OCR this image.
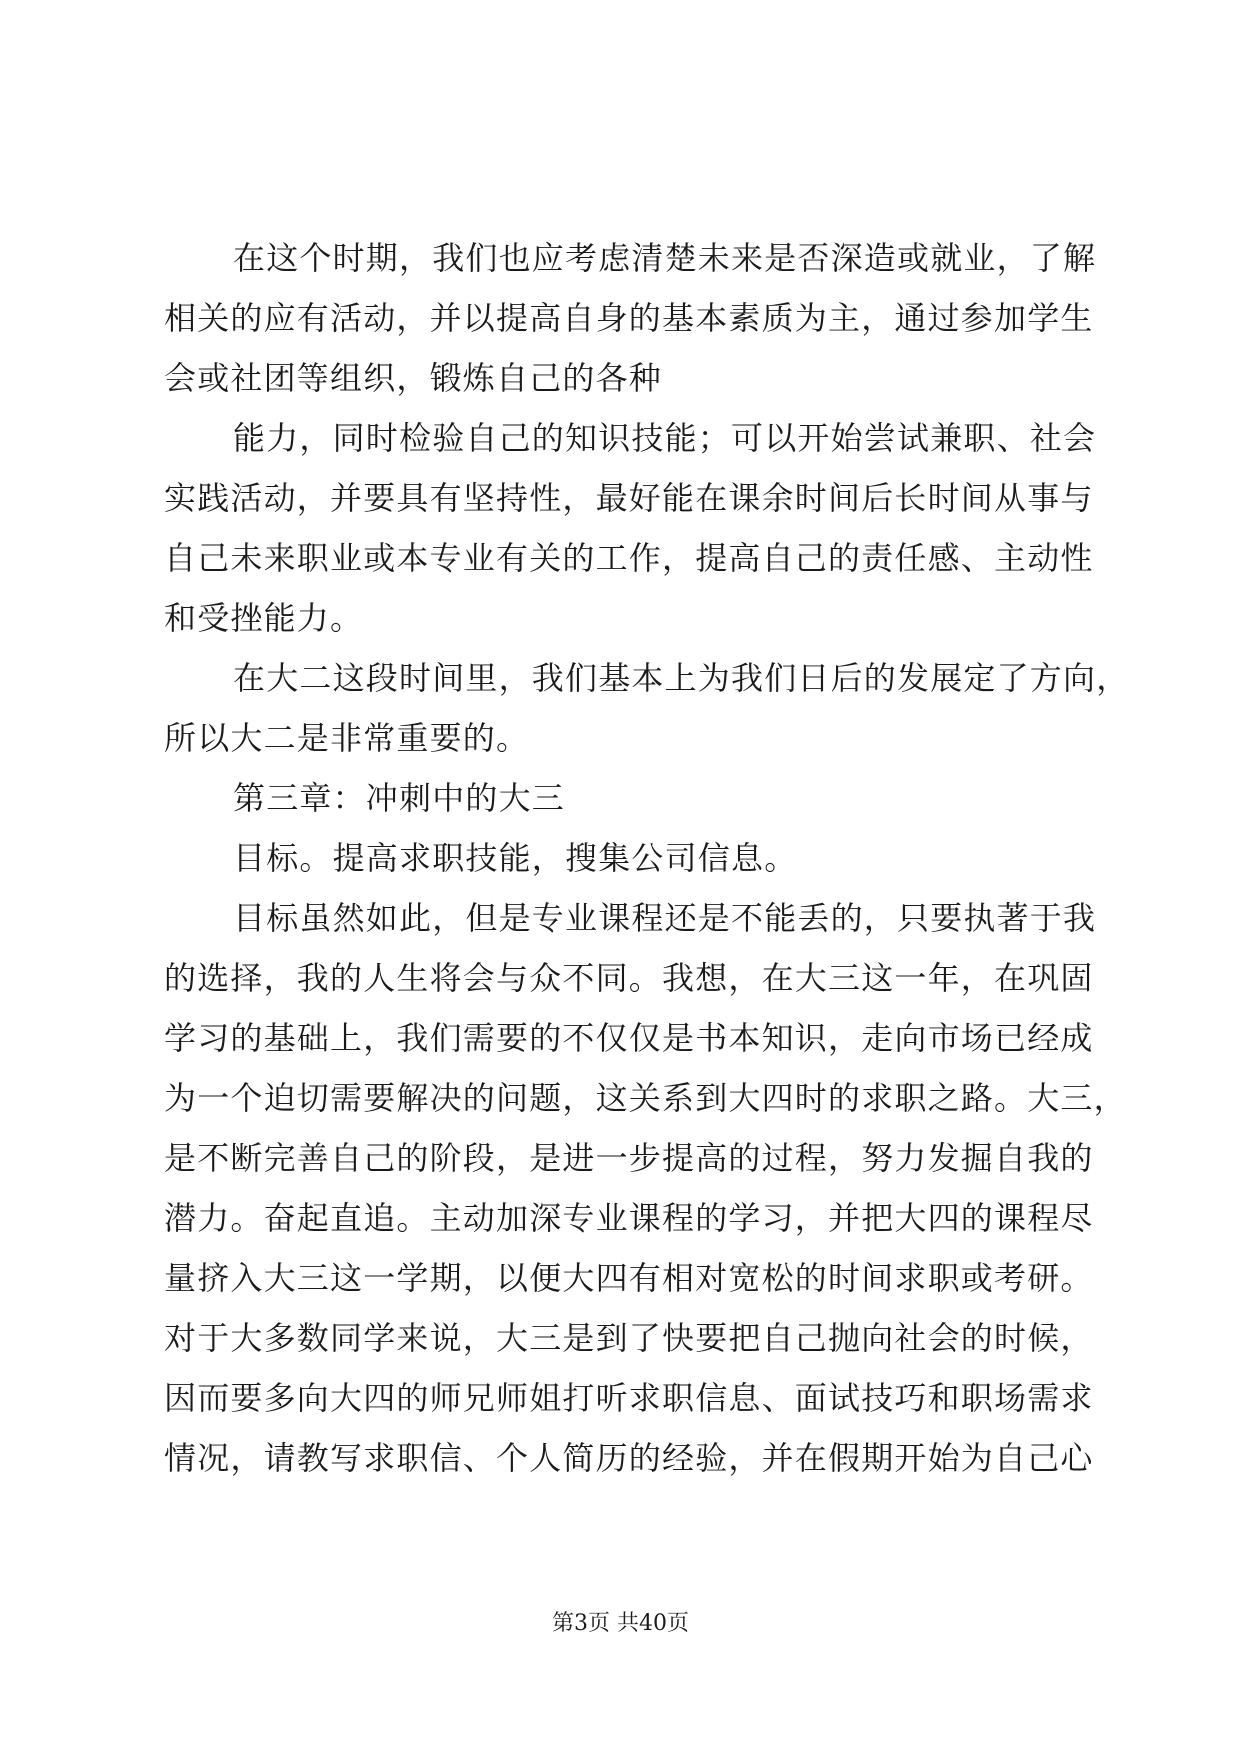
在这个时期，我们也应考虑清楚未来是否深造或就业，了解
相关的应有活动，并以提高自身的基本素质为主，通过参加学生
会或社团等组织，锻炼自己的各种
能力，同时检验自己的知识技能；可以开始尝试兼职、社会
实践活动，并要具有坚持性，最好能在课余时间后长时间从事与
自己未来职业或本专业有关的工作，提高自己的责任感、主动性
和受挫能力。
在大二这段时间里，我们基本上为我们日后的发展定了方向，
所以大二是非常重要的。
第三章：冲刺中的大三
目标。提高求职技能，搜集公司信息。
目标虽然如此，但是专业课程还是不能丢的，只要执著于我
的选择，我的人生将会与众不同。我想，在大三这一年，在巩固
学习的基础上，我们需要的不仅仅是书本知识，走向市场已经成
为一个迫切需要解决的问题，这关系到大四时的求职之路。大三，
是不断完善自己的阶段，是进一步提高的过程，努力发掘自我的
潜力。奋起直追。主动加深专业课程的学习，并把大四的课程尽
量挤入大三这一学期，以便大四有相对宽松的时间求职或考研。
对于大多数同学来说，大三是到了快要把自己抛向社会的时候，
因而要多向大四的师兄师姐打听求职信息、面试技巧和职场需求
情况，请教写求职信、个人简历的经验，并在假期开始为自己心
第3页 共40页
